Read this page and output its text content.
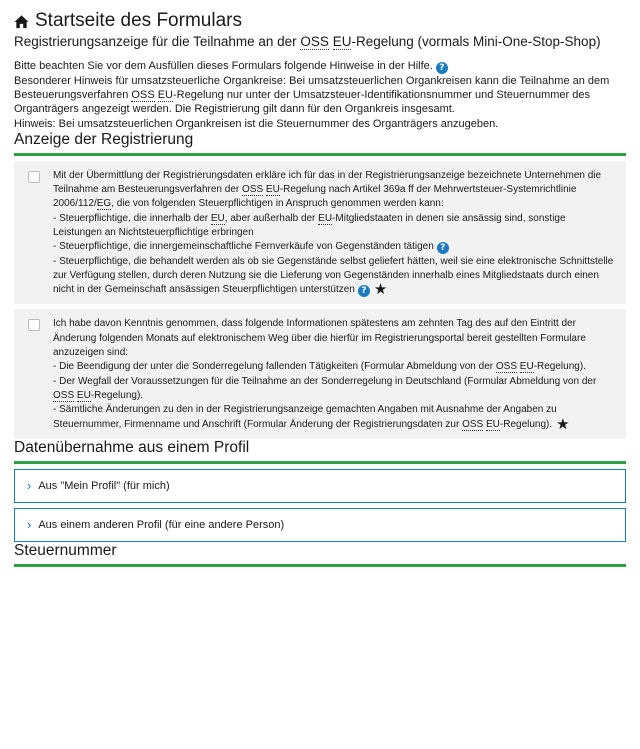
Startseite des Formulars
Registrierungsanzeige für die Teilnahme an der OSS EU-Regelung (vormals Mini-One-Stop-Shop)
Bitte beachten Sie vor dem Ausfüllen dieses Formulars folgende Hinweise in der Hilfe. ?
Besonderer Hinweis für umsatzsteuerliche Organkreise: Bei umsatzsteuerlichen Organkreisen kann die Teilnahme an dem Besteuerungsverfahren OSS EU-Regelung nur unter der Umsatzsteuer-Identifikationsnummer und Steuernummer des Organträgers angezeigt werden. Die Registrierung gilt dann für den Organkreis insgesamt.
Hinweis: Bei umsatzsteuerlichen Organkreisen ist die Steuernummer des Organträgers anzugeben.
Anzeige der Registrierung
Mit der Übermittlung der Registrierungsdaten erkläre ich für das in der Registrierungsanzeige bezeichnete Unternehmen die Teilnahme am Besteuerungsverfahren der OSS EU-Regelung nach Artikel 369a ff der Mehrwertsteuer-Systemrichtlinie 2006/112/EG, die von folgenden Steuerpflichtigen in Anspruch genommen werden kann:
- Steuerpflichtige, die innerhalb der EU, aber außerhalb der EU-Mitgliedstaaten in denen sie ansässig sind, sonstige Leistungen an Nichtsteuerpflichtige erbringen
- Steuerpflichtige, die innergemeinschaftliche Fernverkäufe von Gegenständen tätigen ?
- Steuerpflichtige, die behandelt werden als ob sie Gegenstände selbst geliefert hätten, weil sie eine elektronische Schnittstelle zur Verfügung stellen, durch deren Nutzung sie die Lieferung von Gegenständen innerhalb eines Mitgliedstaats durch einen nicht in der Gemeinschaft ansässigen Steuerpflichtigen unterstützen ? ★
Ich habe davon Kenntnis genommen, dass folgende Informationen spätestens am zehnten Tag des auf den Eintritt der Änderung folgenden Monats auf elektronischem Weg über die hierfür im Registrierungsportal bereit gestellten Formulare anzuzeigen sind:
- Die Beendigung der unter die Sonderregelung fallenden Tätigkeiten (Formular Abmeldung von der OSS EU-Regelung).
- Der Wegfall der Voraussetzungen für die Teilnahme an der Sonderregelung in Deutschland (Formular Abmeldung von der OSS EU-Regelung).
- Sämtliche Änderungen zu den in der Registrierungsanzeige gemachten Angaben mit Ausnahme der Angaben zu Steuernummer, Firmenname und Anschrift (Formular Änderung der Registrierungsdaten zur OSS EU-Regelung). ★
Datenübernahme aus einem Profil
› Aus "Mein Profil" (für mich)
› Aus einem anderen Profil (für eine andere Person)
Steuernummer
